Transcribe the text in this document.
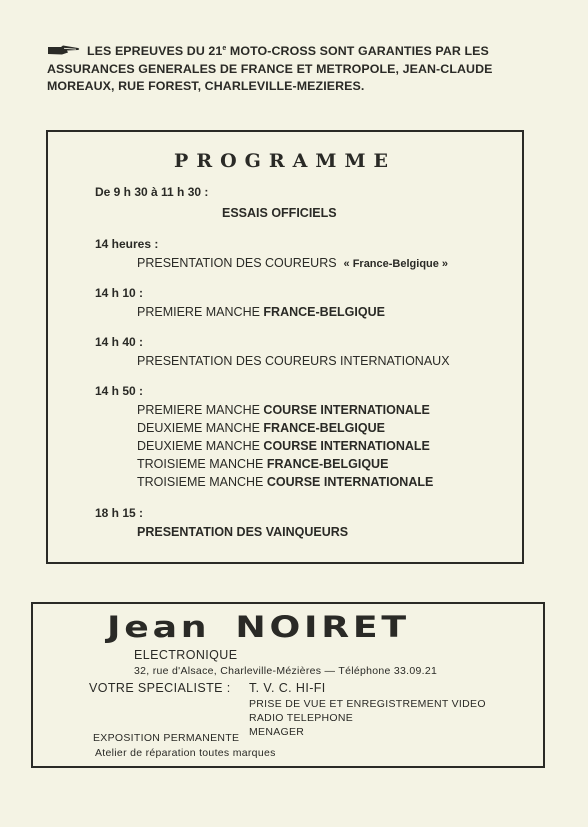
LES EPREUVES DU 21e MOTO-CROSS SONT GARANTIES PAR LES
ASSURANCES GENERALES DE FRANCE ET METROPOLE, JEAN-CLAUDE
MOREAUX, RUE FOREST, CHARLEVILLE-MEZIERES.
PROGRAMME
De 9 h 30 à 11 h 30 :
ESSAIS OFFICIELS
14 heures :
PRESENTATION DES COUREURS « France-Belgique »
14 h 10 :
PREMIERE MANCHE FRANCE-BELGIQUE
14 h 40 :
PRESENTATION DES COUREURS INTERNATIONAUX
14 h 50 :
PREMIERE MANCHE COURSE INTERNATIONALE
DEUXIEME MANCHE FRANCE-BELGIQUE
DEUXIEME MANCHE COURSE INTERNATIONALE
TROISIEME MANCHE FRANCE-BELGIQUE
TROISIEME MANCHE COURSE INTERNATIONALE
18 h 15 :
PRESENTATION DES VAINQUEURS
Jean NOIRET
ELECTRONIQUE
32, rue d'Alsace, Charleville-Mézières — Téléphone 33.09.21
VOTRE SPECIALISTE : T. V. C. HI-FI
PRISE DE VUE ET ENREGISTREMENT VIDEO
RADIO TELEPHONE
MENAGER
EXPOSITION PERMANENTE
Atelier de réparation toutes marques
